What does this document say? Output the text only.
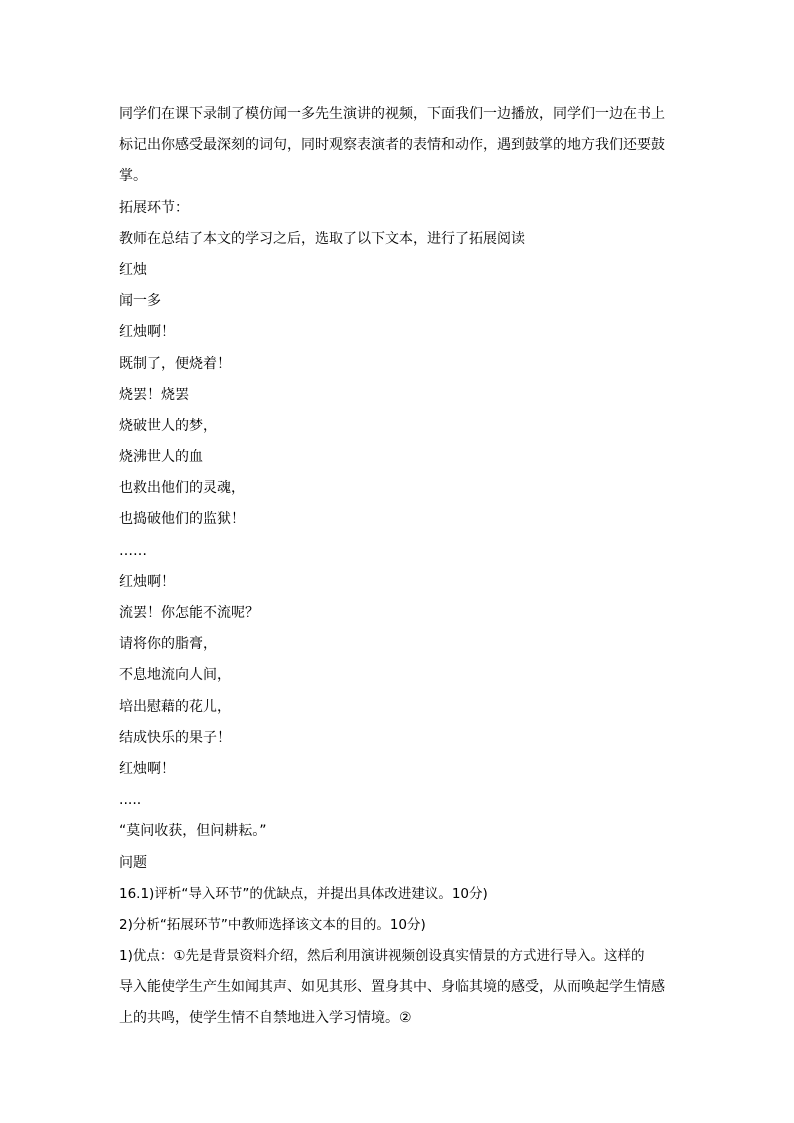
同学们在课下录制了模仿闻一多先生演讲的视频，下面我们一边播放，同学们一边在书上
标记出你感受最深刻的词句，同时观察表演者的表情和动作，遇到鼓掌的地方我们还要鼓
掌。
拓展环节：
教师在总结了本文的学习之后，选取了以下文本，进行了拓展阅读
红烛
闻一多
红烛啊！
既制了，便烧着！
烧罢！烧罢
烧破世人的梦，
烧沸世人的血
也救出他们的灵魂，
也捣破他们的监狱！
……
红烛啊！
流罢！你怎能不流呢？
请将你的脂膏，
不息地流向人间，
培出慰藉的花儿，
结成快乐的果子！
红烛啊！
.....
“莫问收获，但问耕耘。”
问题
16.1)评析“导入环节”的优缺点，并提出具体改进建议。10分)
2)分析“拓展环节”中教师选择该文本的目的。10分)
1)优点：①先是背景资料介绍，然后利用演讲视频创设真实情景的方式进行导入。这样的
导入能使学生产生如闻其声、如见其形、置身其中、身临其境的感受，从而唤起学生情感
上的共鸣，使学生情不自禁地进入学习情境。②
